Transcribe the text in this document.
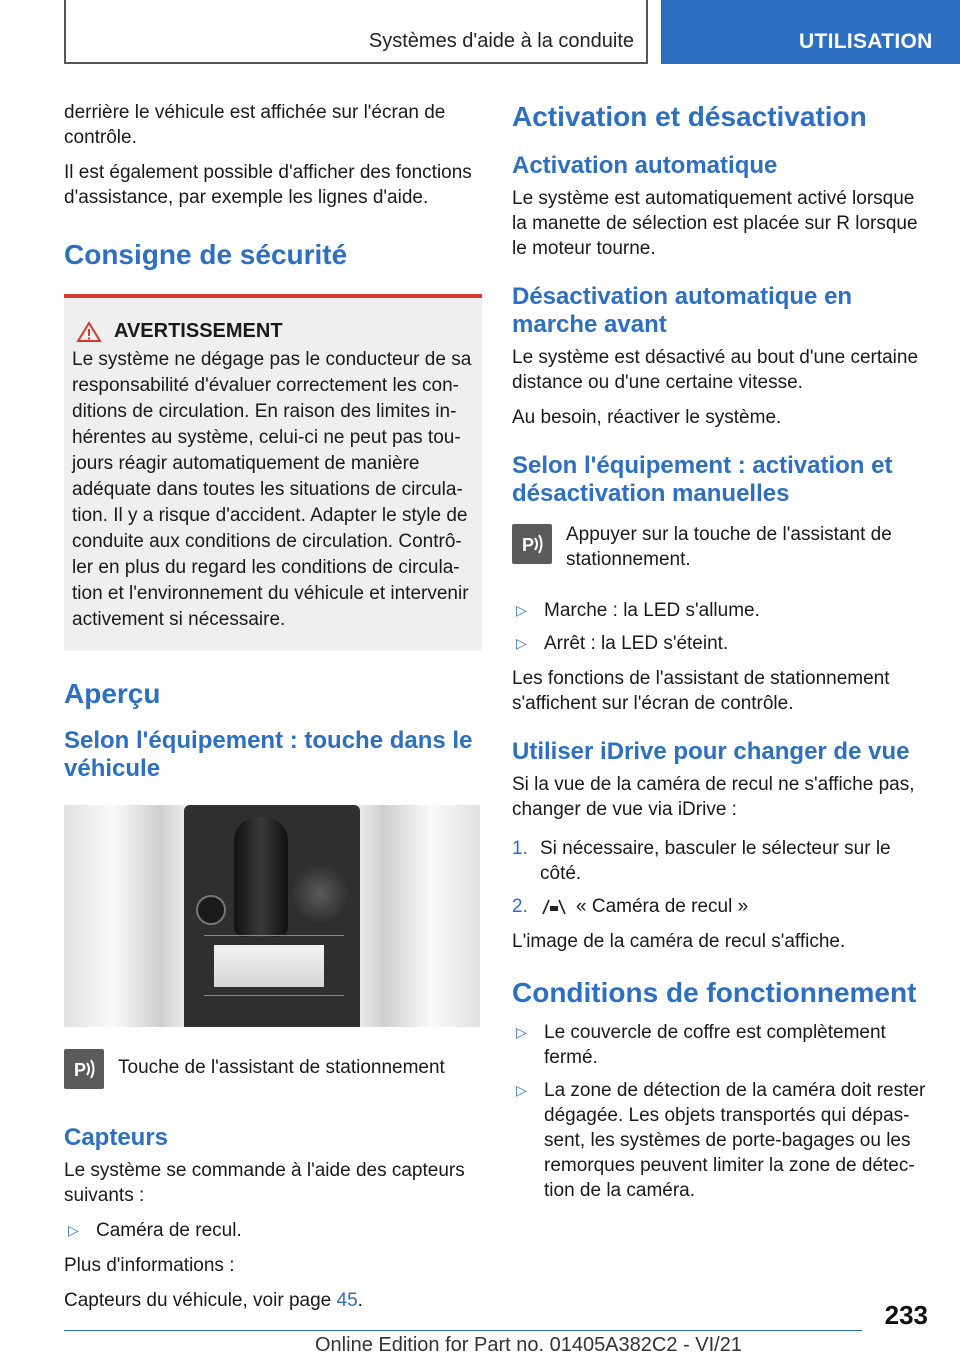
Systèmes d'aide à la conduite	UTILISATION

derrière le véhicule est affichée sur l'écran de contrôle.

Il est également possible d'afficher des fonctions d'assistance, par exemple les lignes d'aide.

Consigne de sécurité
AVERTISSEMENT

Le système ne dégage pas le conducteur de sa responsabilité d'évaluer correctement les conditions de circulation. En raison des limites inhérentes au système, celui-ci ne peut pas toujours réagir automatiquement de manière adéquate dans toutes les situations de circulation. Il y a risque d'accident. Adapter le style de conduite aux conditions de circulation. Contrôler en plus du regard les conditions de circulation et l'environnement du véhicule et intervenir activement si nécessaire.

Aperçu
Selon l'équipement : touche dans le véhicule
P Touche de l'assistant de stationnement

Capteurs

Le système se commande à l'aide des capteurs suivants :

▷ Caméra de recul.

Plus d'informations :

Capteurs du véhicule, voir page 45.

Activation et désactivation
Activation automatique

Le système est automatiquement activé lorsque la manette de sélection est placée sur R lorsque le moteur tourne.

Désactivation automatique en marche avant

Le système est désactivé au bout d'une certaine distance ou d'une certaine vitesse.

Au besoin, réactiver le système.

Selon l'équipement : activation et désactivation manuelles
P Appuyer sur la touche de l'assistant de stationnement.

▷ Marche : la LED s'allume.
▷ Arrêt : la LED s'éteint.

Les fonctions de l'assistant de stationnement s'affichent sur l'écran de contrôle.

Utiliser iDrive pour changer de vue

Si la vue de la caméra de recul ne s'affiche pas, changer de vue via iDrive :

1. Si nécessaire, basculer le sélecteur sur le côté.
2.	« Caméra de recul »

L'image de la caméra de recul s'affiche.

Conditions de fonctionnement
▷ Le couvercle de coffre est complètement fermé.
▷ La zone de détection de la caméra doit rester dégagée. Les objets transportés qui dépassent, les systèmes de porte-bagages ou les remorques peuvent limiter la zone de détection de la caméra.
233
Online Edition for Part no. 01405A382C2 - VI/21
